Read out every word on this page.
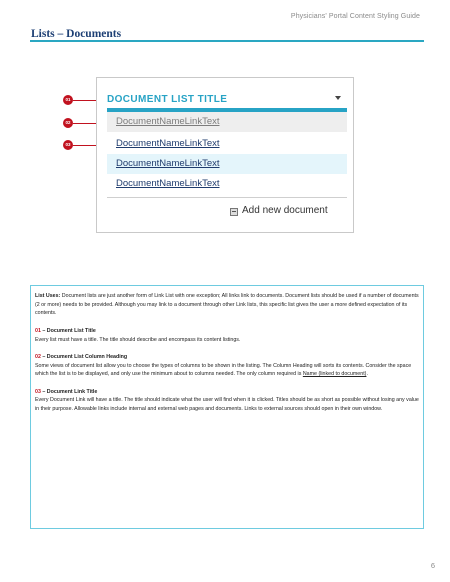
Physicians' Portal Content Styling Guide
Lists – Documents
01
02
03
DOCUMENT LIST TITLE
DocumentNameLinkText
DocumentNameLinkText
DocumentNameLinkText
DocumentNameLinkText
Add new document

List Uses: Document lists are just another form of Link List with one exception; All links link to documents. Document lists should be used if a number of documents (2 or more) needs to be provided. Although you may link to a document through other Link lists, this specific list gives the user a more defined expectation of its contents.

01 – Document List Title

Every list must have a title. The title should describe and encompass its content listings.

02 – Document List Column Heading

Some views of document list allow you to choose the types of columns to be shown in the listing. The Column Heading will sorts its contents. Consider the space which the list is to be displayed, and only use the minimum about to columns needed. The only column required is Name (linked to document).

03 – Document Link Title

Every Document Link will have a title. The title should indicate what the user will find when it is clicked. Titles should be as short as possible without losing any value in their purpose. Allowable links include internal and external web pages and documents. Links to external sources should open in their own window.

6
